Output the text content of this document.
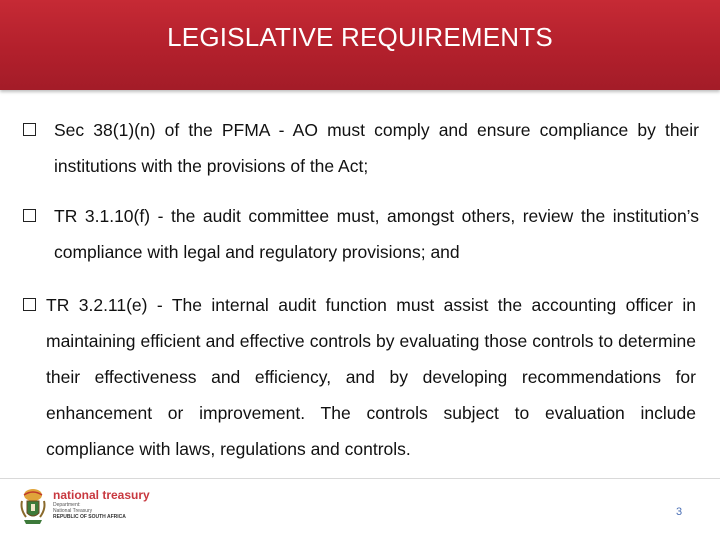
LEGISLATIVE REQUIREMENTS
Sec 38(1)(n) of the PFMA - AO must comply and ensure compliance by their institutions with the provisions of the Act;
TR 3.1.10(f) - the audit committee must, amongst others, review the institution’s compliance with legal and regulatory provisions; and
TR 3.2.11(e) - The internal audit function must assist the accounting officer in maintaining efficient and effective controls by evaluating those controls to determine their effectiveness and efficiency, and by developing recommendations for enhancement or improvement. The controls subject to evaluation include compliance with laws, regulations and controls.
national treasury
Department:
National Treasury
REPUBLIC OF SOUTH AFRICA	3
